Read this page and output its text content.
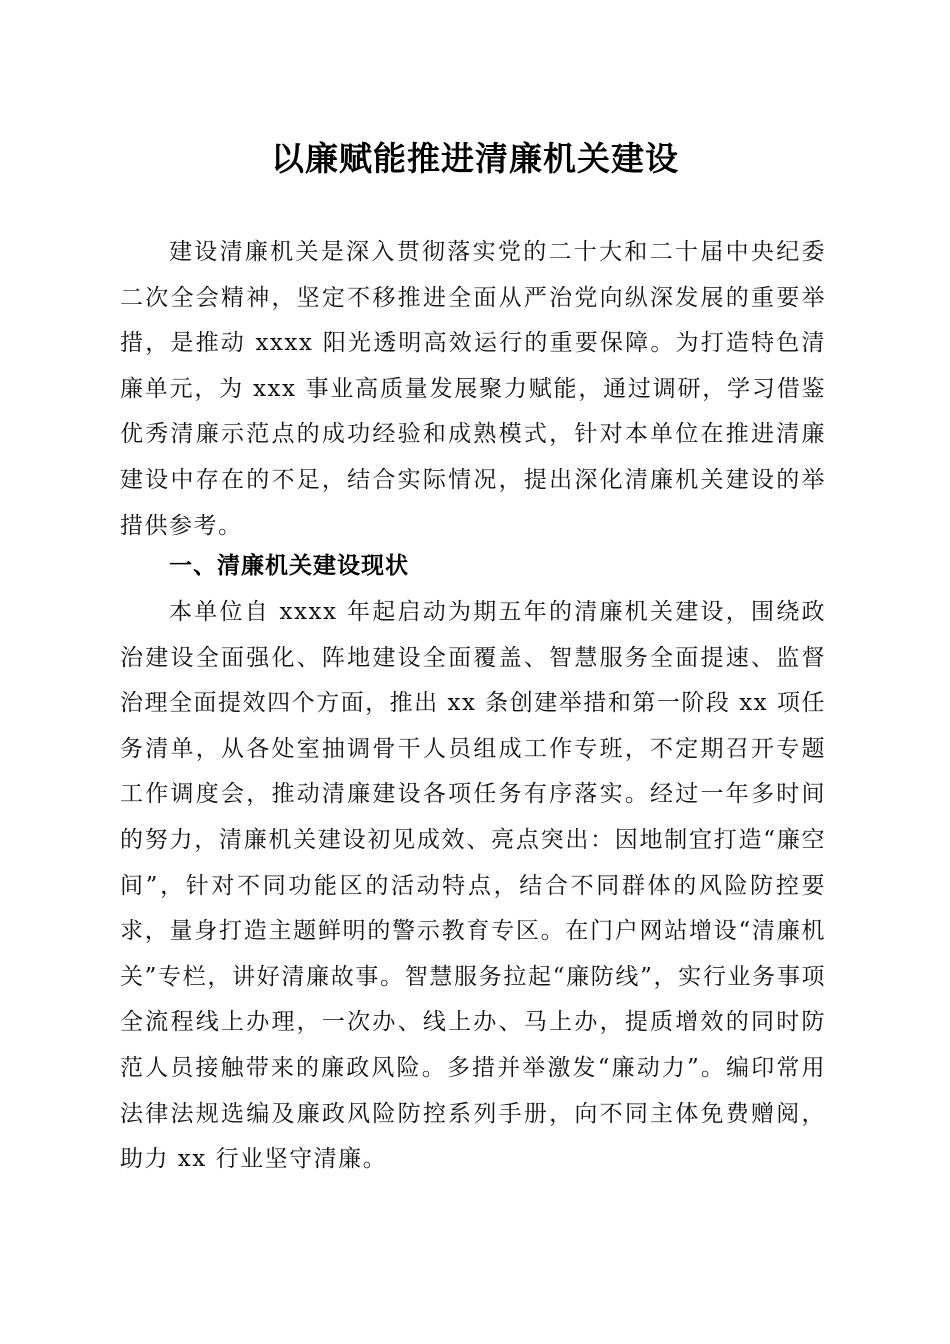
以廉赋能推进清廉机关建设

建设清廉机关是深入贯彻落实党的二十大和二十届中央纪委二次全会精神，坚定不移推进全面从严治党向纵深发展的重要举措，是推动 xxxx 阳光透明高效运行的重要保障。为打造特色清廉单元，为 xxx 事业高质量发展聚力赋能，通过调研，学习借鉴优秀清廉示范点的成功经验和成熟模式，针对本单位在推进清廉建设中存在的不足，结合实际情况，提出深化清廉机关建设的举措供参考。

一、清廉机关建设现状

本单位自 xxxx 年起启动为期五年的清廉机关建设，围绕政治建设全面强化、阵地建设全面覆盖、智慧服务全面提速、监督治理全面提效四个方面，推出 xx 条创建举措和第一阶段 xx 项任务清单，从各处室抽调骨干人员组成工作专班，不定期召开专题工作调度会，推动清廉建设各项任务有序落实。经过一年多时间的努力，清廉机关建设初见成效、亮点突出：因地制宜打造“廉空间”，针对不同功能区的活动特点，结合不同群体的风险防控要求，量身打造主题鲜明的警示教育专区。在门户网站增设“清廉机关”专栏，讲好清廉故事。智慧服务拉起“廉防线”，实行业务事项全流程线上办理，一次办、线上办、马上办，提质增效的同时防范人员接触带来的廉政风险。多措并举激发“廉动力”。编印常用法律法规选编及廉政风险防控系列手册，向不同主体免费赠阅，助力 xx 行业坚守清廉。
